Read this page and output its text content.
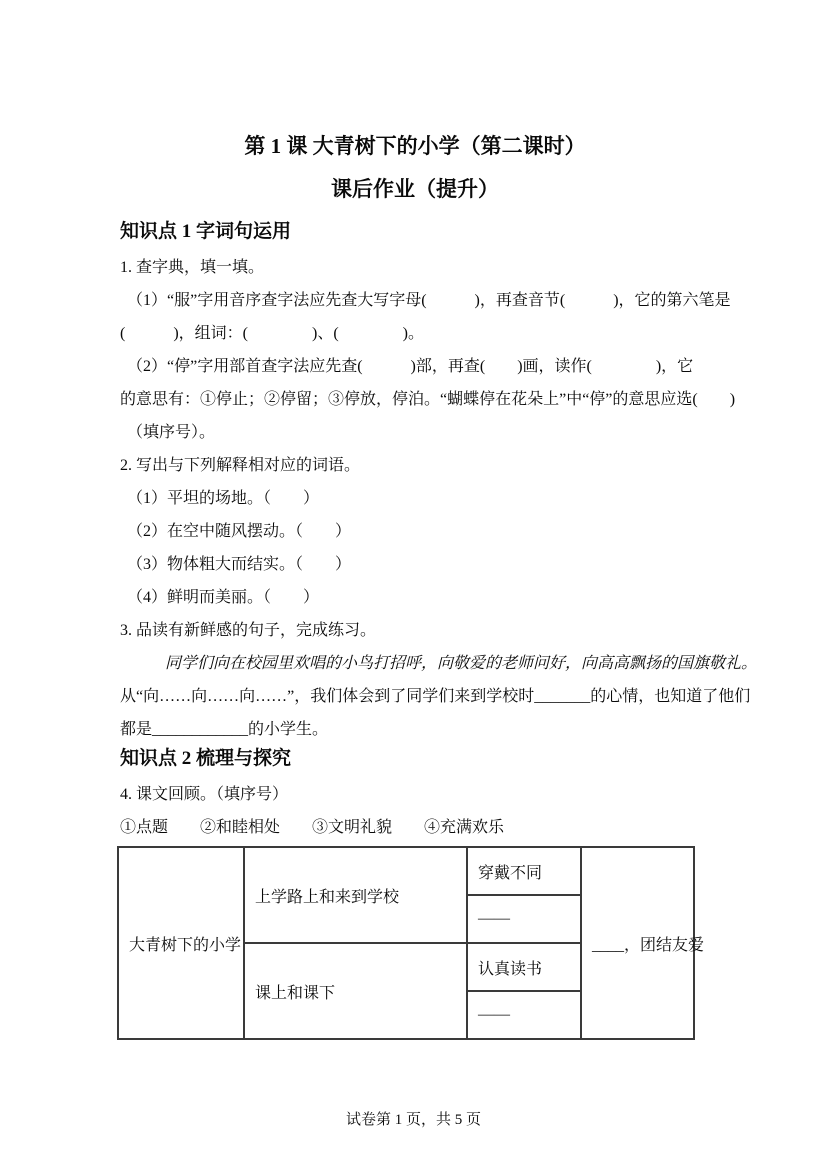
第 1 课 大青树下的小学（第二课时）
课后作业（提升）
知识点 1 字词句运用
1. 查字典，填一填。
（1）“服”字用音序查字法应先查大写字母(　　　)，再查音节(　　　)，它的第六笔是
(　　　)，组词：(　　　　)、(　　　　)。
（2）“停”字用部首查字法应先查(　　　)部，再查(　　)画，读作(　　　　)，它
的意思有：①停止；②停留；③停放，停泊。“蝴蝶停在花朵上”中“停”的意思应选(　　)
（填序号）。
2. 写出与下列解释相对应的词语。
（1）平坦的场地。（　　）
（2）在空中随风摆动。（　　）
（3）物体粗大而结实。（　　）
（4）鲜明而美丽。（　　）
3. 品读有新鲜感的句子，完成练习。
同学们向在校园里欢唱的小鸟打招呼，向敬爱的老师问好，向高高飘扬的国旗敬礼。
从“向……向……向……”，我们体会到了同学们来到学校时_______的心情，也知道了他们
都是____________的小学生。
知识点 2 梳理与探究
4. 课文回顾。（填序号）
①点题　　②和睦相处　　③文明礼貌　　④充满欢乐
大青树下的小学	上学路上和来到学校	穿戴不同	____，团结友爱
		——	
	课上和课下	认真读书	
		——	
试卷第 1 页，共 5 页
